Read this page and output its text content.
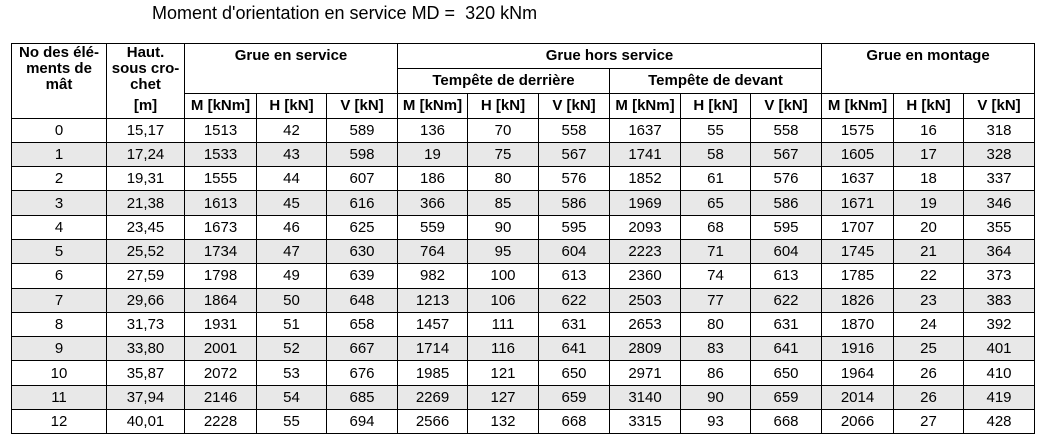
Moment d'orientation en service MD =  320 kNm
No des élé-
ments de
mât	Haut.
sous cro-
chet	Grue en service			Grue hors service						Grue en montage		
					Tempête de derrière			Tempête de devant					
	[m]	M [kNm]	H [kN]	V [kN]	M [kNm]	H [kN]	V [kN]	M [kNm]	H [kN]	V [kN]	M [kNm]	H [kN]	V [kN]
0	15,17	1513	42	589	136	70	558	1637	55	558	1575	16	318
1	17,24	1533	43	598	19	75	567	1741	58	567	1605	17	328
2	19,31	1555	44	607	186	80	576	1852	61	576	1637	18	337
3	21,38	1613	45	616	366	85	586	1969	65	586	1671	19	346
4	23,45	1673	46	625	559	90	595	2093	68	595	1707	20	355
5	25,52	1734	47	630	764	95	604	2223	71	604	1745	21	364
6	27,59	1798	49	639	982	100	613	2360	74	613	1785	22	373
7	29,66	1864	50	648	1213	106	622	2503	77	622	1826	23	383
8	31,73	1931	51	658	1457	111	631	2653	80	631	1870	24	392
9	33,80	2001	52	667	1714	116	641	2809	83	641	1916	25	401
10	35,87	2072	53	676	1985	121	650	2971	86	650	1964	26	410
11	37,94	2146	54	685	2269	127	659	3140	90	659	2014	26	419
12	40,01	2228	55	694	2566	132	668	3315	93	668	2066	27	428
